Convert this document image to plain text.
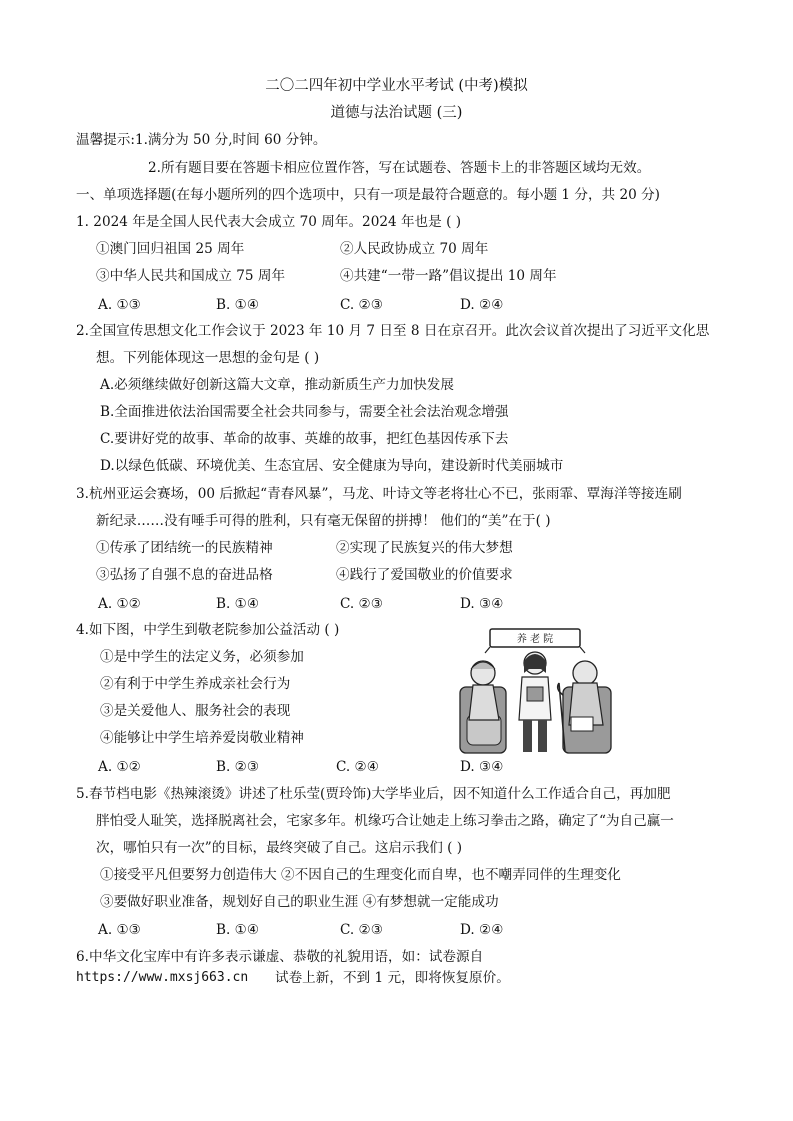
二〇二四年初中学业水平考试 (中考)模拟
道德与法治试题 (三)
温馨提示:1.满分为 50 分,时间 60 分钟。
2.所有题目要在答题卡相应位置作答，写在试题卷、答题卡上的非答题区域均无效。
一、单项选择题(在每小题所列的四个选项中，只有一项是最符合题意的。每小题 1 分，共 20 分)
1. 2024 年是全国人民代表大会成立 70 周年。2024 年也是 ( )
①澳门回归祖国 25 周年	②人民政协成立 70 周年
③中华人民共和国成立 75 周年	④共建“一带一路”倡议提出 10 周年
A. ①③	B. ①④	C. ②③	D. ②④
2.全国宣传思想文化工作会议于 2023 年 10 月 7 日至 8 日在京召开。此次会议首次提出了习近平文化思
想。下列能体现这一思想的金句是 ( )
A.必须继续做好创新这篇大文章，推动新质生产力加快发展
B.全面推进依法治国需要全社会共同参与，需要全社会法治观念增强
C.要讲好党的故事、革命的故事、英雄的故事，把红色基因传承下去
D.以绿色低碳、环境优美、生态宜居、安全健康为导向，建设新时代美丽城市
3.杭州亚运会赛场，00 后掀起“青春风暴”，马龙、叶诗文等老将壮心不已，张雨霏、覃海洋等接连刷
新纪录……没有唾手可得的胜利，只有毫无保留的拼搏！ 他们的“美”在于( )
①传承了团结统一的民族精神	②实现了民族复兴的伟大梦想
③弘扬了自强不息的奋进品格	④践行了爱国敬业的价值要求
A. ①②	B. ①④	C. ②③	D. ③④
4.如下图，中学生到敬老院参加公益活动 ( )
①是中学生的法定义务，必须参加
②有利于中学生养成亲社会行为
③是关爱他人、服务社会的表现
④能够让中学生培养爱岗敬业精神
A. ①②	B. ②③	C. ②④	D. ③④
养 老 院
5.春节档电影《热辣滚烫》讲述了杜乐莹(贾玲饰)大学毕业后，因不知道什么工作适合自己，再加肥
胖怕受人耻笑，选择脱离社会，宅家多年。机缘巧合让她走上练习拳击之路，确定了“为自己赢一
次，哪怕只有一次”的目标，最终突破了自己。这启示我们 ( )
①接受平凡但要努力创造伟大 ②不因自己的生理变化而自卑，也不嘲弄同伴的生理变化
③要做好职业准备，规划好自己的职业生涯 ④有梦想就一定能成功
A. ①③	B. ①④	C. ②③	D. ②④
6.中华文化宝库中有许多表示谦虚、恭敬的礼貌用语，如：试卷源自
https://www.mxsj663.cn 试卷上新，不到 1 元，即将恢复原价。
